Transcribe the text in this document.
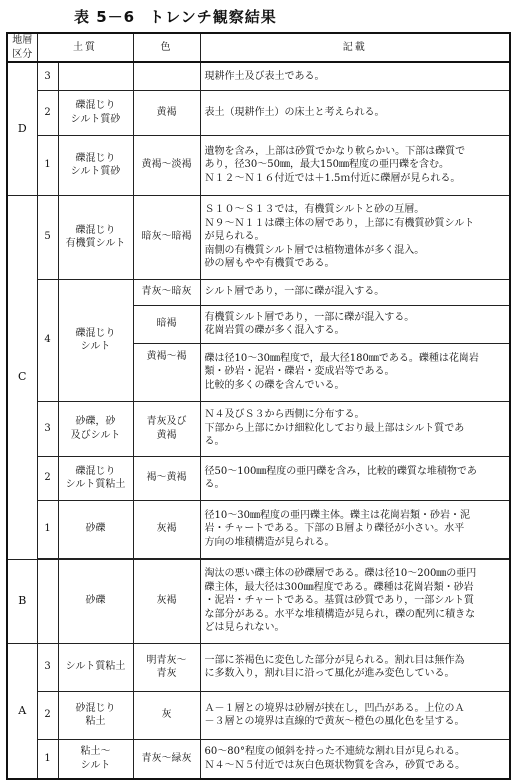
表 5－6 トレンチ観察結果
地層区分	土質		色	記載
D	3			現耕作土及び表土である。

	2	礫混じり
シルト質砂	黄褐	表土（現耕作土）の床土と考えられる。

	1	礫混じり
シルト質砂	黄褐～淡褐	遺物を含み，上部は砂質でかなり軟らかい。下部は礫質で
あり，径30～50㎜，最大150㎜程度の亜円礫を含む。
Ｎ１２～Ｎ１６付近では＋1.5ｍ付近に礫層が見られる。

C	5	礫混じり
有機質シルト	暗灰～暗褐	Ｓ１０～Ｓ１３では，有機質シルトと砂の互層。
Ｎ９～Ｎ１１は礫主体の層であり，上部に有機質砂質シルト
が見られる。
南側の有機質シルト層では植物遺体が多く混入。
砂の層もやや有機質である。

	4	礫混じり
シルト	青灰～暗灰	シルト層であり，一部に礫が混入する。

			暗褐	有機質シルト層であり，一部に礫が混入する。
花崗岩質の礫が多く混入する。

			黄褐～褐	礫は径10～30㎜程度で，最大径180㎜である。礫種は花崗岩
類・砂岩・泥岩・礫岩・変成岩等である。
比較的多くの礫を含んでいる。

	3	砂礫，砂
及びシルト	青灰及び
黄褐	Ｎ４及びＳ３から西側に分布する。
下部から上部にかけ細粒化しており最上部はシルト質であ
る。

	2	礫混じり
シルト質粘土	褐～黄褐	径50～100㎜程度の亜円礫を含み，比較的礫質な堆積物であ
る。

	1	砂礫	灰褐	径10～30㎜程度の亜円礫主体。礫主は花崗岩類・砂岩・泥
岩・チャートである。下部のＢ層より礫径が小さい。水平
方向の堆積構造が見られる。

B		砂礫	灰褐	淘汰の悪い礫主体の砂礫層である。礫は径10～200㎜の亜円
礫主体，最大径は300㎜程度である。礫種は花崗岩類・砂岩
・泥岩・チャートである。基質は砂質であり，一部シルト質
な部分がある。水平な堆積構造が見られ，礫の配列に積きな
どは見られない。

A	3	シルト質粘土	明青灰～
青灰	一部に茶褐色に変色した部分が見られる。割れ目は無作為
に多数入り，割れ目に沿って風化が進み変色している。

	2	砂混じり
粘土	灰	Ａ－１層との境界は砂層が挟在し，凹凸がある。上位のＡ
－３層との境界は直線的で黄灰～橙色の風化色を呈する。

	1	粘土～
シルト	青灰～緑灰	60～80°程度の傾斜を持った不連続な割れ目が見られる。
Ｎ４～Ｎ５付近では灰白色斑状物質を含み，砂質である。
